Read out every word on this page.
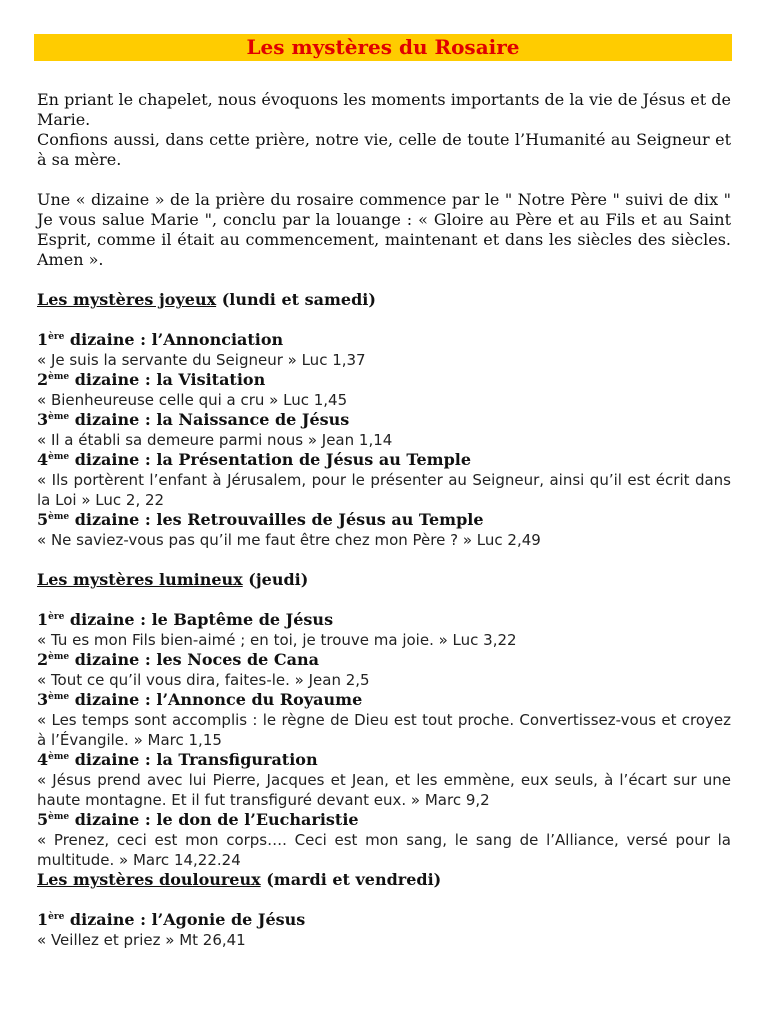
Les mystères du Rosaire

En priant le chapelet, nous évoquons les moments importants de la vie de Jésus et de Marie.

Confions aussi, dans cette prière, notre vie, celle de toute l’Humanité au Seigneur et à sa mère.

Une « dizaine » de la prière du rosaire commence par le " Notre Père " suivi de dix " Je vous salue Marie ", conclu par la louange : « Gloire au Père et au Fils et au Saint Esprit, comme il était au commencement, maintenant et dans les siècles des siècles. Amen ».

Les mystères joyeux (lundi et samedi)

1ère dizaine : l’Annonciation

« Je suis la servante du Seigneur » Luc 1,37

2ème dizaine : la Visitation

« Bienheureuse celle qui a cru » Luc 1,45

3ème dizaine : la Naissance de Jésus

« Il a établi sa demeure parmi nous » Jean 1,14

4ème dizaine : la Présentation de Jésus au Temple

« Ils portèrent l’enfant à Jérusalem, pour le présenter au Seigneur, ainsi qu’il est écrit dans la Loi » Luc 2, 22

5ème dizaine : les Retrouvailles de Jésus au Temple

« Ne saviez-vous pas qu’il me faut être chez mon Père ? » Luc 2,49

Les mystères lumineux (jeudi)

1ère dizaine : le Baptême de Jésus

« Tu es mon Fils bien-aimé ; en toi, je trouve ma joie. » Luc 3,22

2ème dizaine : les Noces de Cana

« Tout ce qu’il vous dira, faites-le. » Jean 2,5

3ème dizaine : l’Annonce du Royaume

« Les temps sont accomplis : le règne de Dieu est tout proche. Convertissez-vous et croyez à l’Évangile. » Marc 1,15

4ème dizaine : la Transfiguration

« Jésus prend avec lui Pierre, Jacques et Jean, et les emmène, eux seuls, à l’écart sur une haute montagne. Et il fut transfiguré devant eux. » Marc 9,2

5ème dizaine : le don de l’Eucharistie

« Prenez, ceci est mon corps…. Ceci est mon sang, le sang de l’Alliance, versé pour la multitude. » Marc 14,22.24

Les mystères douloureux (mardi et vendredi)

1ère dizaine : l’Agonie de Jésus

« Veillez et priez » Mt 26,41
